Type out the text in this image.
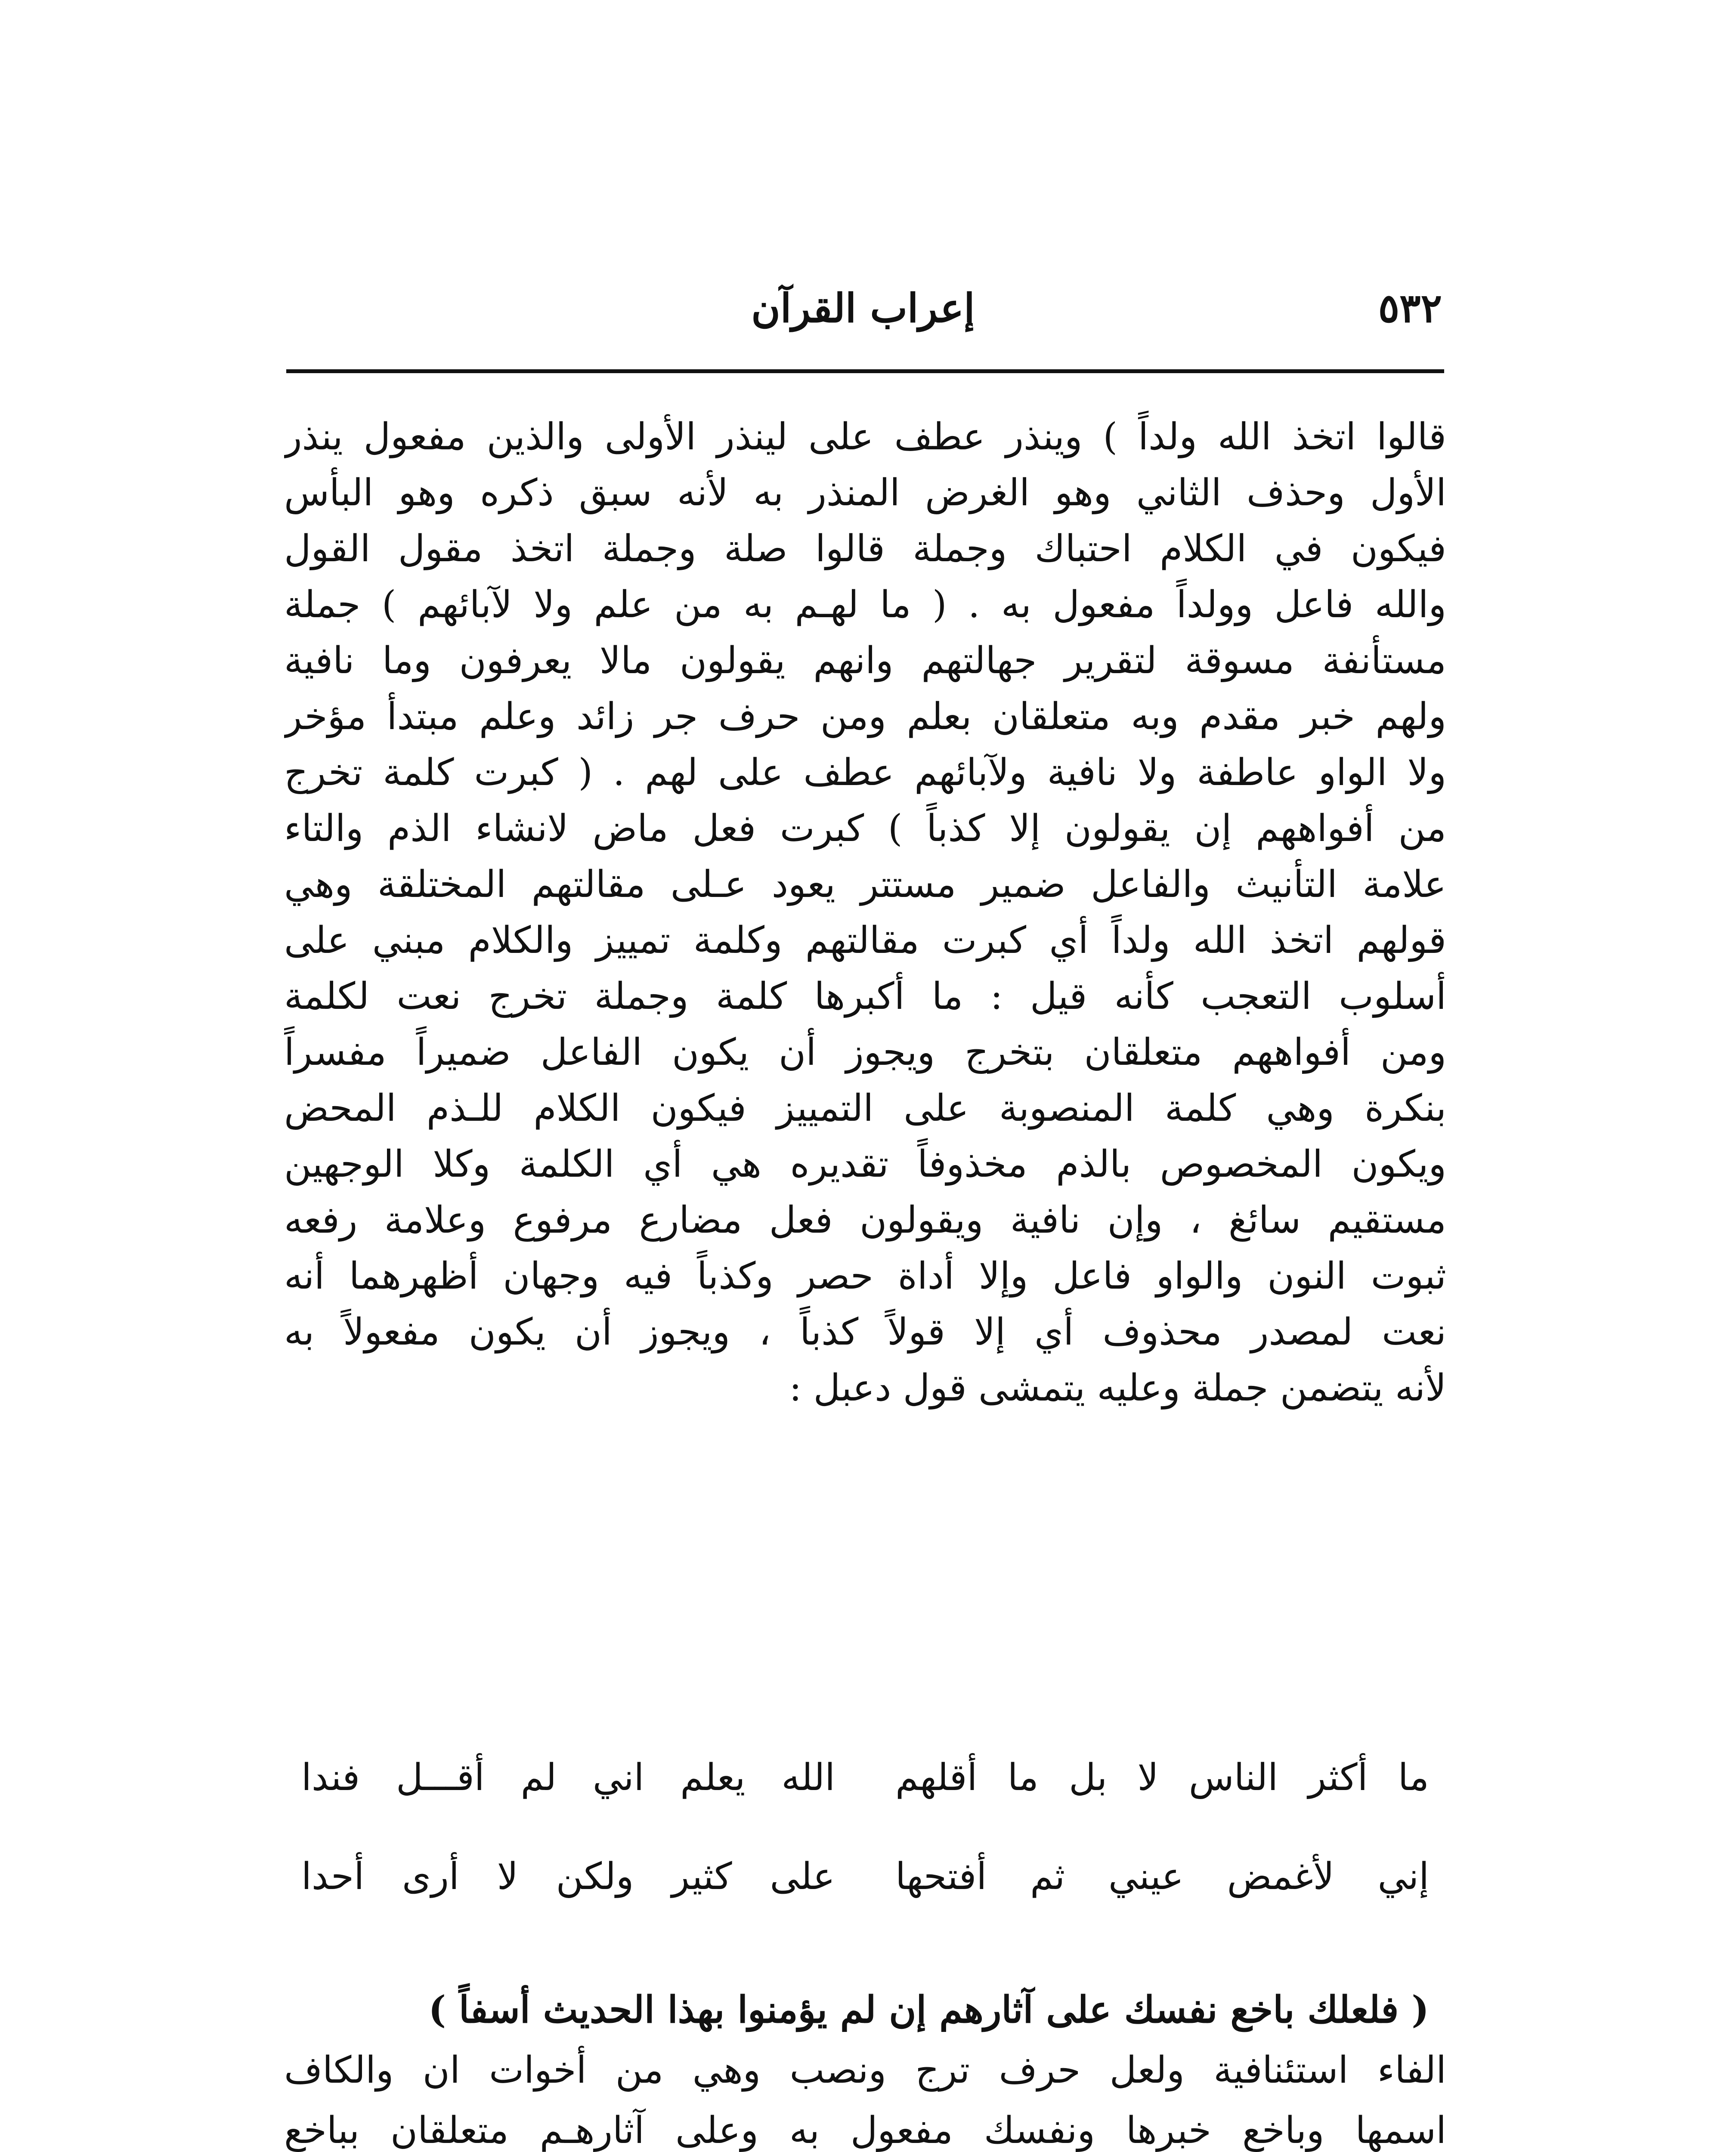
٥٣٢
إعراب القرآن
قالوا اتخذ الله ولداً ) وينذر عطف على لينذر الأولى والذين مفعول ينذر
الأول وحذف الثاني وهو الغرض المنذر به لأنه سبق ذكره وهو البأس
فيكون في الكلام احتباك وجملة قالوا صلة وجملة اتخذ مقول القول
والله فاعل وولداً مفعول به . ( ما لهـم به من علم ولا لآبائهم ) جملة
مستأنفة مسوقة لتقرير جهالتهم وانهم يقولون مالا يعرفون وما نافية
ولهم خبر مقدم وبه متعلقان بعلم ومن حرف جر زائد وعلم مبتدأ مؤخر
ولا الواو عاطفة ولا نافية ولآبائهم عطف على لهم . ( كبرت كلمة تخرج
من أفواههم إن يقولون إلا كذباً ) كبرت فعل ماض لانشاء الذم والتاء
علامة التأنيث والفاعل ضمير مستتر يعود عـلى مقالتهم المختلقة وهي
قولهم اتخذ الله ولداً أي كبرت مقالتهم وكلمة تمييز والكلام مبني على
أسلوب التعجب كأنه قيل : ما أكبرها كلمة وجملة تخرج نعت لكلمة
ومن أفواههم متعلقان بتخرج ويجوز أن يكون الفاعل ضميراً مفسراً
بنكرة وهي كلمة المنصوبة على التمييز فيكون الكلام للـذم المحض
ويكون المخصوص بالذم مخذوفاً تقديره هي أي الكلمة وكلا الوجهين
مستقيم سائغ ، وإن نافية ويقولون فعل مضارع مرفوع وعلامة رفعه
ثبوت النون والواو فاعل وإلا أداة حصر وكذباً فيه وجهان أظهرهما أنه
نعت لمصدر محذوف أي إلا قولاً كذباً ، ويجوز أن يكون مفعولاً به
لأنه يتضمن جملة وعليه يتمشى قول دعبل :
ما أكثر الناس لا بل ما أقلهم
الله يعلم اني لم أقـــل فندا
إني لأغمض عيني ثم أفتحها
على كثير ولكن لا أرى أحدا
( فلعلك باخع نفسك على آثارهم إن لم يؤمنوا بهذا الحديث أسفاً )
الفاء استئنافية ولعل حرف ترج ونصب وهي من أخوات ان والكاف
اسمها وباخع خبرها ونفسك مفعول به وعلى آثارهـم متعلقان بباخع
